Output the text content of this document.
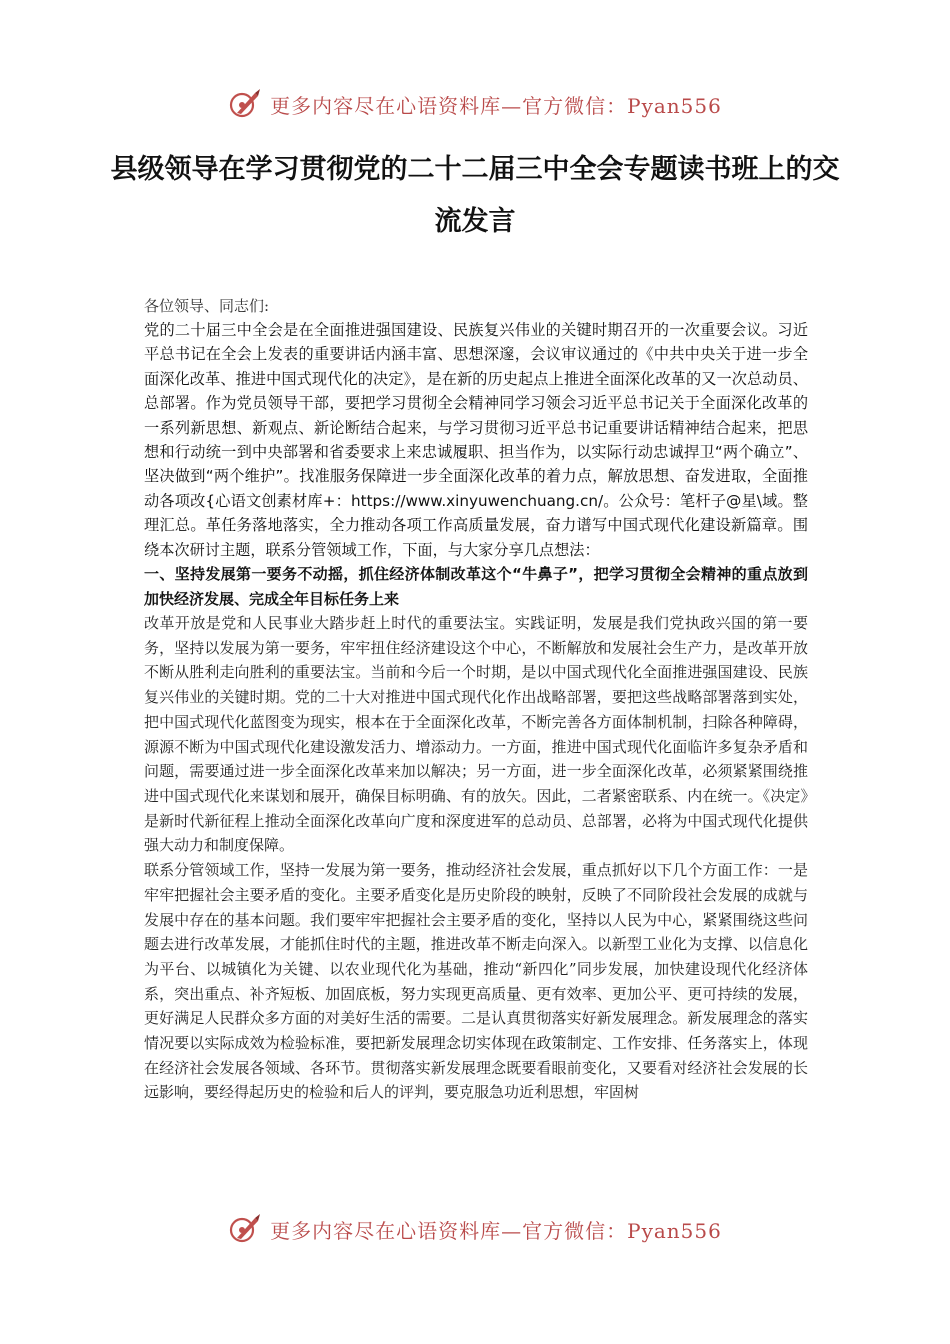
更多内容尽在心语资料库—官方微信：Pyan556
县级领导在学习贯彻党的二十二届三中全会专题读书班上的交流发言

各位领导、同志们:

党的二十届三中全会是在全面推进强国建设、民族复兴伟业的关键时期召开的一次重要会议。习近平总书记在全会上发表的重要讲话内涵丰富、思想深邃，会议审议通过的《中共中央关于进一步全面深化改革、推进中国式现代化的决定》，是在新的历史起点上推进全面深化改革的又一次总动员、总部署。作为党员领导干部，要把学习贯彻全会精神同学习领会习近平总书记关于全面深化改革的一系列新思想、新观点、新论断结合起来，与学习贯彻习近平总书记重要讲话精神结合起来，把思想和行动统一到中央部署和省委要求上来忠诚履职、担当作为，以实际行动忠诚捍卫“两个确立”、坚决做到“两个维护”。找准服务保障进一步全面深化改革的着力点，解放思想、奋发进取，全面推动各项改{心语文创素材库+：https://www.xinyuwenchuang.cn/。公众号：笔杆子@星\域。整理汇总。革任务落地落实，全力推动各项工作高质量发展，奋力谱写中国式现代化建设新篇章。围绕本次研讨主题，联系分管领域工作，下面，与大家分享几点想法：

一、坚持发展第一要务不动摇，抓住经济体制改革这个“牛鼻子”，把学习贯彻全会精神的重点放到加快经济发展、完成全年目标任务上来

改革开放是党和人民事业大踏步赶上时代的重要法宝。实践证明，发展是我们党执政兴国的第一要务，坚持以发展为第一要务，牢牢扭住经济建设这个中心，不断解放和发展社会生产力，是改革开放不断从胜利走向胜利的重要法宝。当前和今后一个时期，是以中国式现代化全面推进强国建设、民族复兴伟业的关键时期。党的二十大对推进中国式现代化作出战略部署，要把这些战略部署落到实处，把中国式现代化蓝图变为现实，根本在于全面深化改革，不断完善各方面体制机制，扫除各种障碍，源源不断为中国式现代化建设激发活力、增添动力。一方面，推进中国式现代化面临许多复杂矛盾和问题，需要通过进一步全面深化改革来加以解决；另一方面，进一步全面深化改革，必须紧紧围绕推进中国式现代化来谋划和展开，确保目标明确、有的放矢。因此，二者紧密联系、内在统一。《决定》是新时代新征程上推动全面深化改革向广度和深度进军的总动员、总部署，必将为中国式现代化提供强大动力和制度保障。

联系分管领域工作，坚持一发展为第一要务，推动经济社会发展，重点抓好以下几个方面工作：一是牢牢把握社会主要矛盾的变化。主要矛盾变化是历史阶段的映射，反映了不同阶段社会发展的成就与发展中存在的基本问题。我们要牢牢把握社会主要矛盾的变化，坚持以人民为中心，紧紧围绕这些问题去进行改革发展，才能抓住时代的主题，推进改革不断走向深入。以新型工业化为支撑、以信息化为平台、以城镇化为关键、以农业现代化为基础，推动“新四化”同步发展，加快建设现代化经济体系，突出重点、补齐短板、加固底板，努力实现更高质量、更有效率、更加公平、更可持续的发展，更好满足人民群众多方面的对美好生活的需要。二是认真贯彻落实好新发展理念。新发展理念的落实情况要以实际成效为检验标准，要把新发展理念切实体现在政策制定、工作安排、任务落实上，体现在经济社会发展各领域、各环节。贯彻落实新发展理念既要看眼前变化，又要看对经济社会发展的长远影响，要经得起历史的检验和后人的评判，要克服急功近利思想，牢固树

更多内容尽在心语资料库—官方微信：Pyan556
